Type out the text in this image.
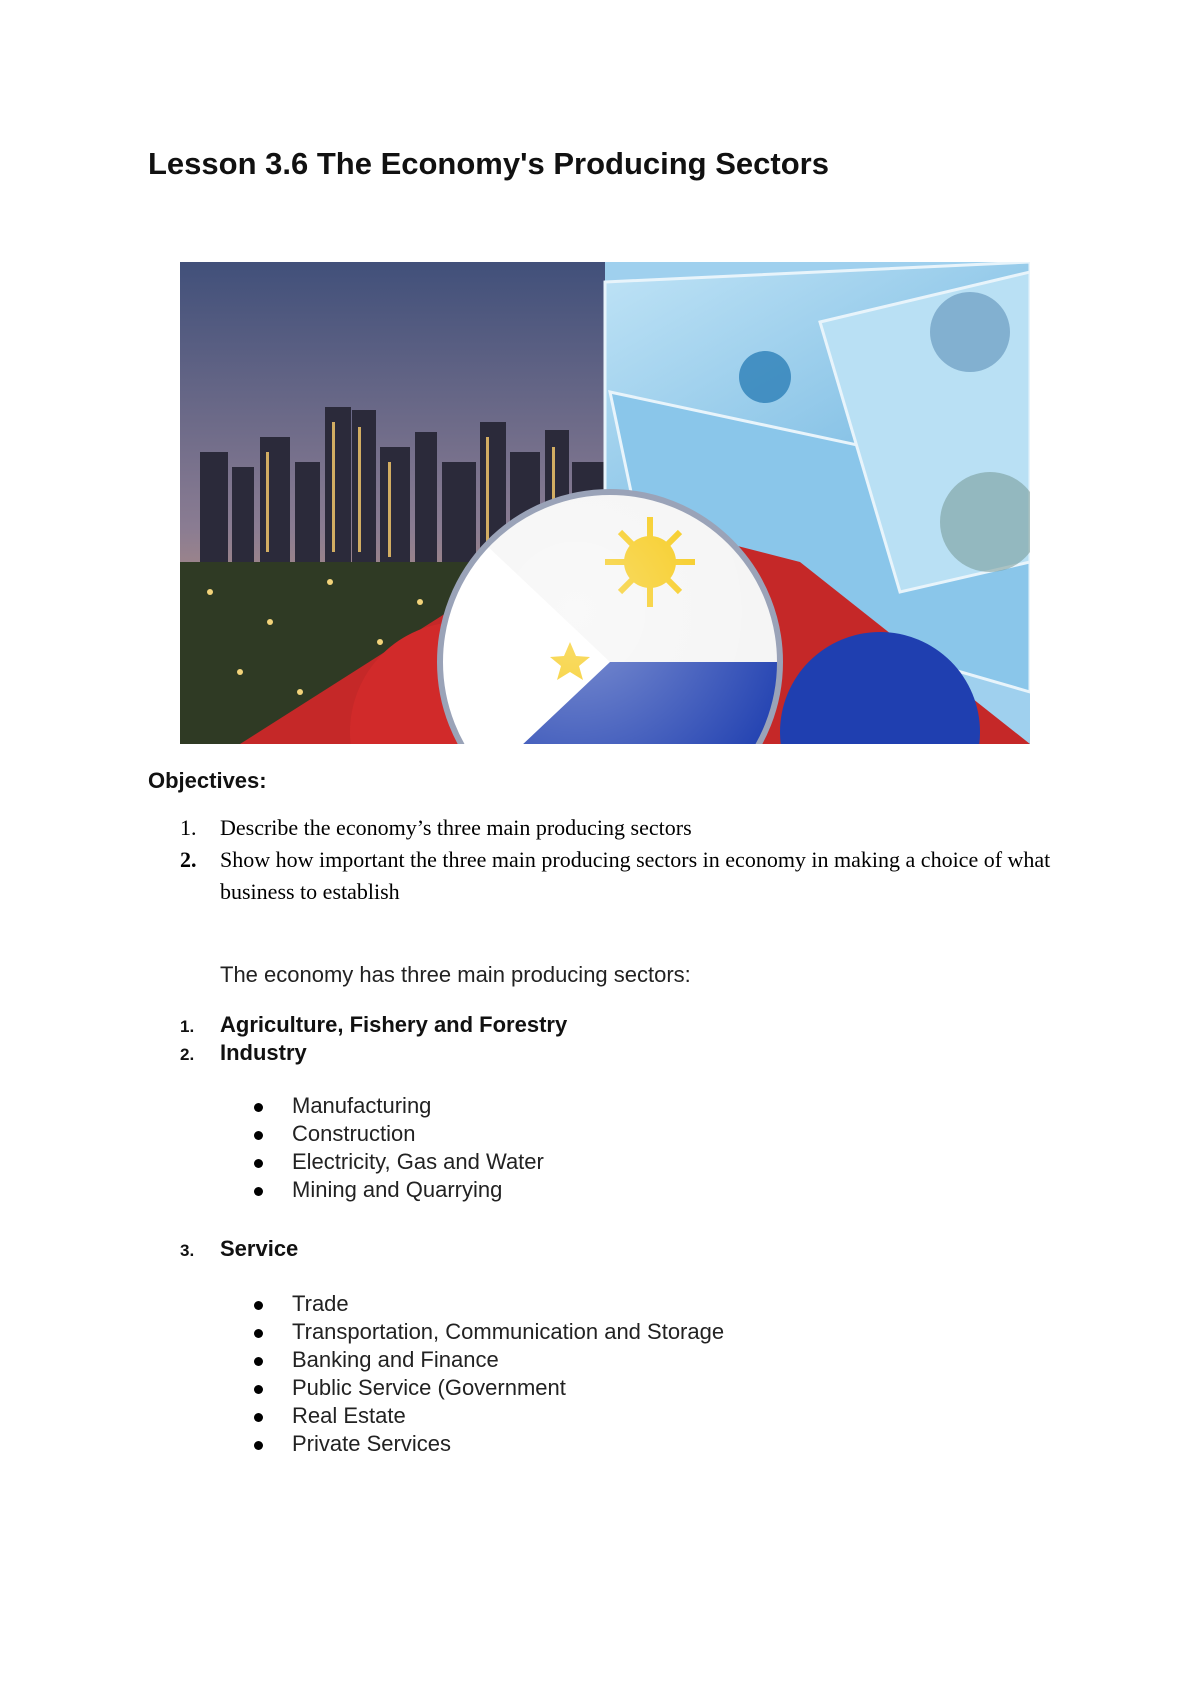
Lesson 3.6 The Economy's Producing Sectors
Objectives:
1. Describe the economy’s three main producing sectors
2. Show how important the three main producing sectors in economy in making a choice of what business to establish
The economy has three main producing sectors:
1. Agriculture, Fishery and Forestry
2. Industry
Manufacturing
Construction
Electricity, Gas and Water
Mining and Quarrying
3. Service
Trade
Transportation, Communication and Storage
Banking and Finance
Public Service (Government
Real Estate
Private Services
